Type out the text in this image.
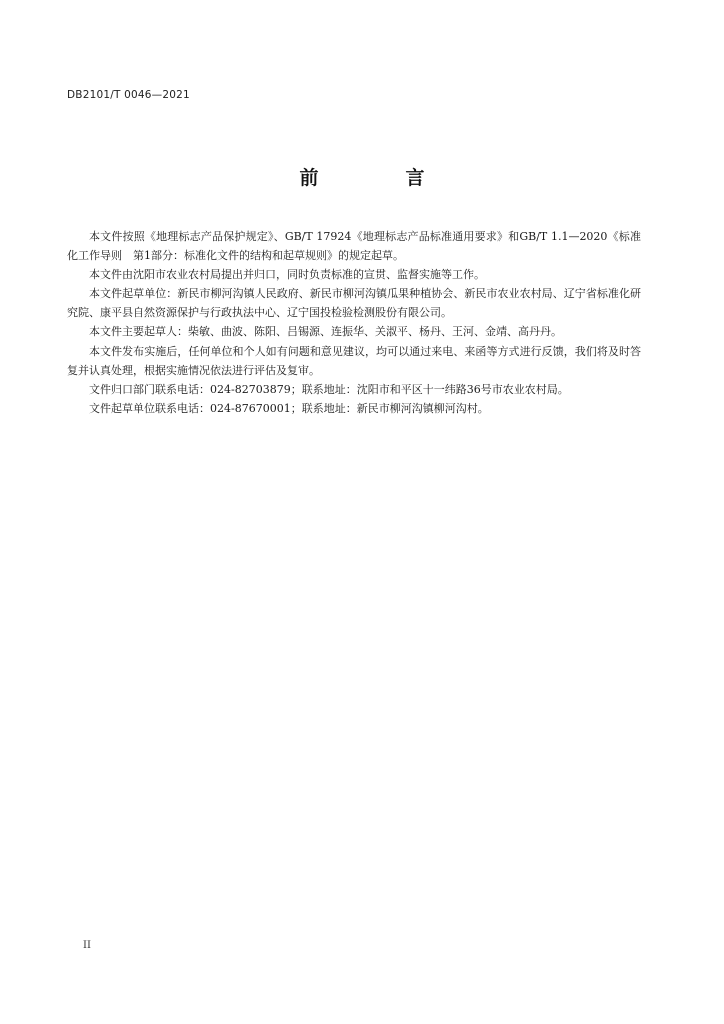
DB2101/T 0046—2021
前　言

本文件按照《地理标志产品保护规定》、GB/T 17924《地理标志产品标准通用要求》和GB/T 1.1—2020《标准化工作导则　第1部分：标准化文件的结构和起草规则》的规定起草。

本文件由沈阳市农业农村局提出并归口，同时负责标准的宣贯、监督实施等工作。

本文件起草单位：新民市柳河沟镇人民政府、新民市柳河沟镇瓜果种植协会、新民市农业农村局、辽宁省标准化研究院、康平县自然资源保护与行政执法中心、辽宁国投检验检测股份有限公司。

本文件主要起草人：柴敏、曲波、陈阳、吕锡源、连振华、关淑平、杨丹、王河、金靖、高丹丹。

本文件发布实施后，任何单位和个人如有问题和意见建议，均可以通过来电、来函等方式进行反馈，我们将及时答复并认真处理，根据实施情况依法进行评估及复审。

文件归口部门联系电话：024-82703879；联系地址：沈阳市和平区十一纬路36号市农业农村局。

文件起草单位联系电话：024-87670001；联系地址：新民市柳河沟镇柳河沟村。

II
